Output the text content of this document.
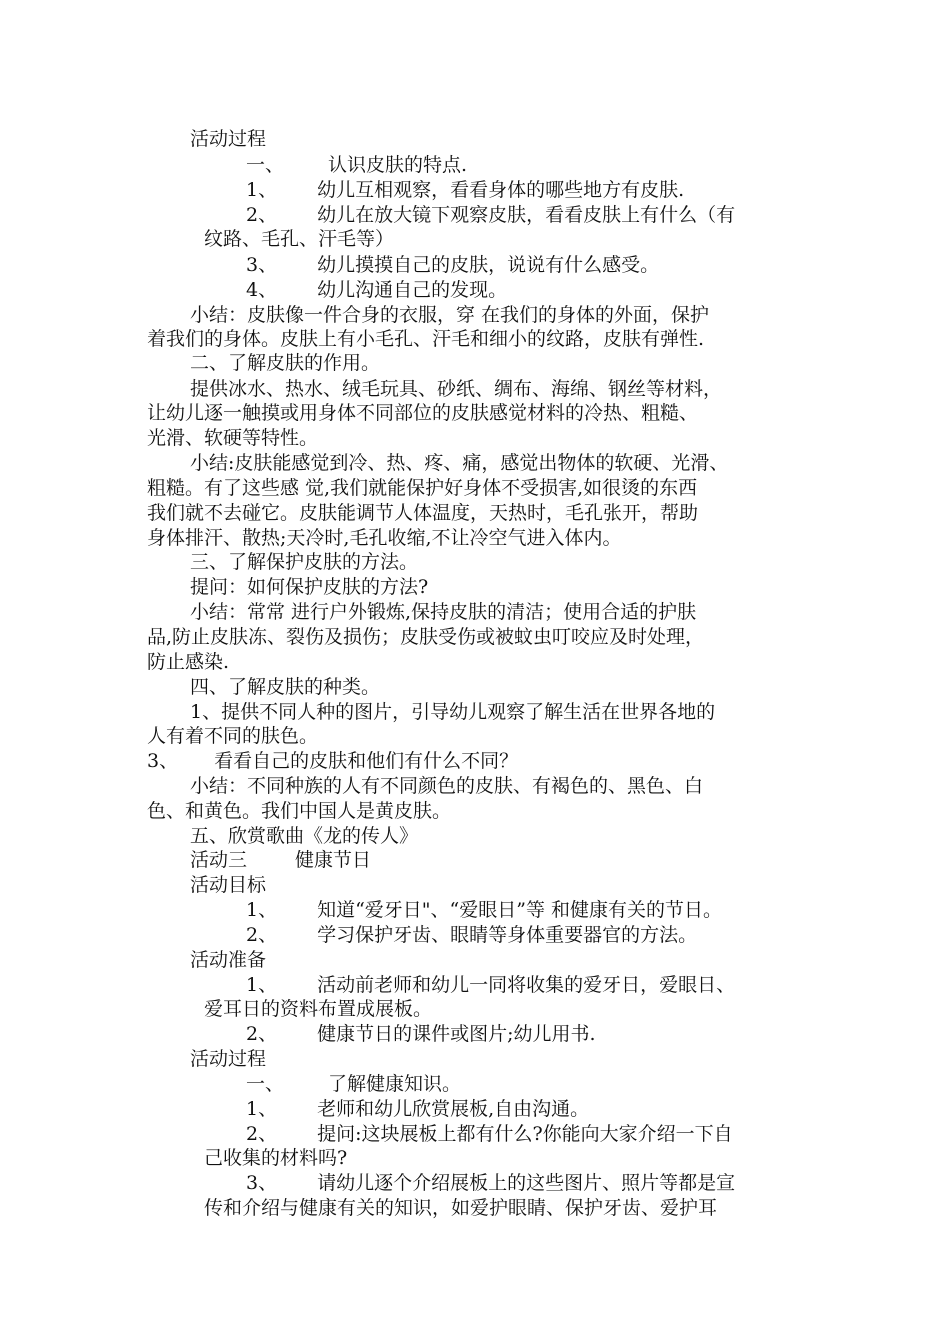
活动过程
一、 认识皮肤的特点.
1、 幼儿互相观察，看看身体的哪些地方有皮肤.
2、 幼儿在放大镜下观察皮肤，看看皮肤上有什么（有
纹路、毛孔、汗毛等）
3、 幼儿摸摸自己的皮肤，说说有什么感受。
4、 幼儿沟通自己的发现。
小结：皮肤像一件合身的衣服，穿 在我们的身体的外面，保护
着我们的身体。皮肤上有小毛孔、汗毛和细小的纹路，皮肤有弹性.
二、了解皮肤的作用。
提供冰水、热水、绒毛玩具、砂纸、绸布、海绵、钢丝等材料，
让幼儿逐一触摸或用身体不同部位的皮肤感觉材料的冷热、粗糙、
光滑、软硬等特性。
小结:皮肤能感觉到冷、热、疼、痛，感觉出物体的软硬、光滑、
粗糙。有了这些感 觉,我们就能保护好身体不受损害,如很烫的东西
我们就不去碰它。皮肤能调节人体温度，天热时，毛孔张开，帮助
身体排汗、散热;天冷时,毛孔收缩,不让冷空气进入体内。
三、了解保护皮肤的方法。
提问：如何保护皮肤的方法?
小结：常常 进行户外锻炼,保持皮肤的清洁；使用合适的护肤
品,防止皮肤冻、裂伤及损伤；皮肤受伤或被蚊虫叮咬应及时处理，
防止感染.
四、了解皮肤的种类。
1、提供不同人种的图片，引导幼儿观察了解生活在世界各地的
人有着不同的肤色。
3、 看看自己的皮肤和他们有什么不同？
小结：不同种族的人有不同颜色的皮肤、有褐色的、黑色、白
色、和黄色。我们中国人是黄皮肤。
五、欣赏歌曲《龙的传人》
活动三	健康节日
活动目标
1、 知道“爱牙日"、“爱眼日”等 和健康有关的节日。
2、 学习保护牙齿、眼睛等身体重要器官的方法。
活动准备
1、 活动前老师和幼儿一同将收集的爱牙日，爱眼日、
爱耳日的资料布置成展板。
2、 健康节日的课件或图片;幼儿用书.
活动过程
一、 了解健康知识。
1、 老师和幼儿欣赏展板,自由沟通。
2、 提问:这块展板上都有什么?你能向大家介绍一下自
己收集的材料吗?
3、 请幼儿逐个介绍展板上的这些图片、照片等都是宣
传和介绍与健康有关的知识，如爱护眼睛、保护牙齿、爱护耳
